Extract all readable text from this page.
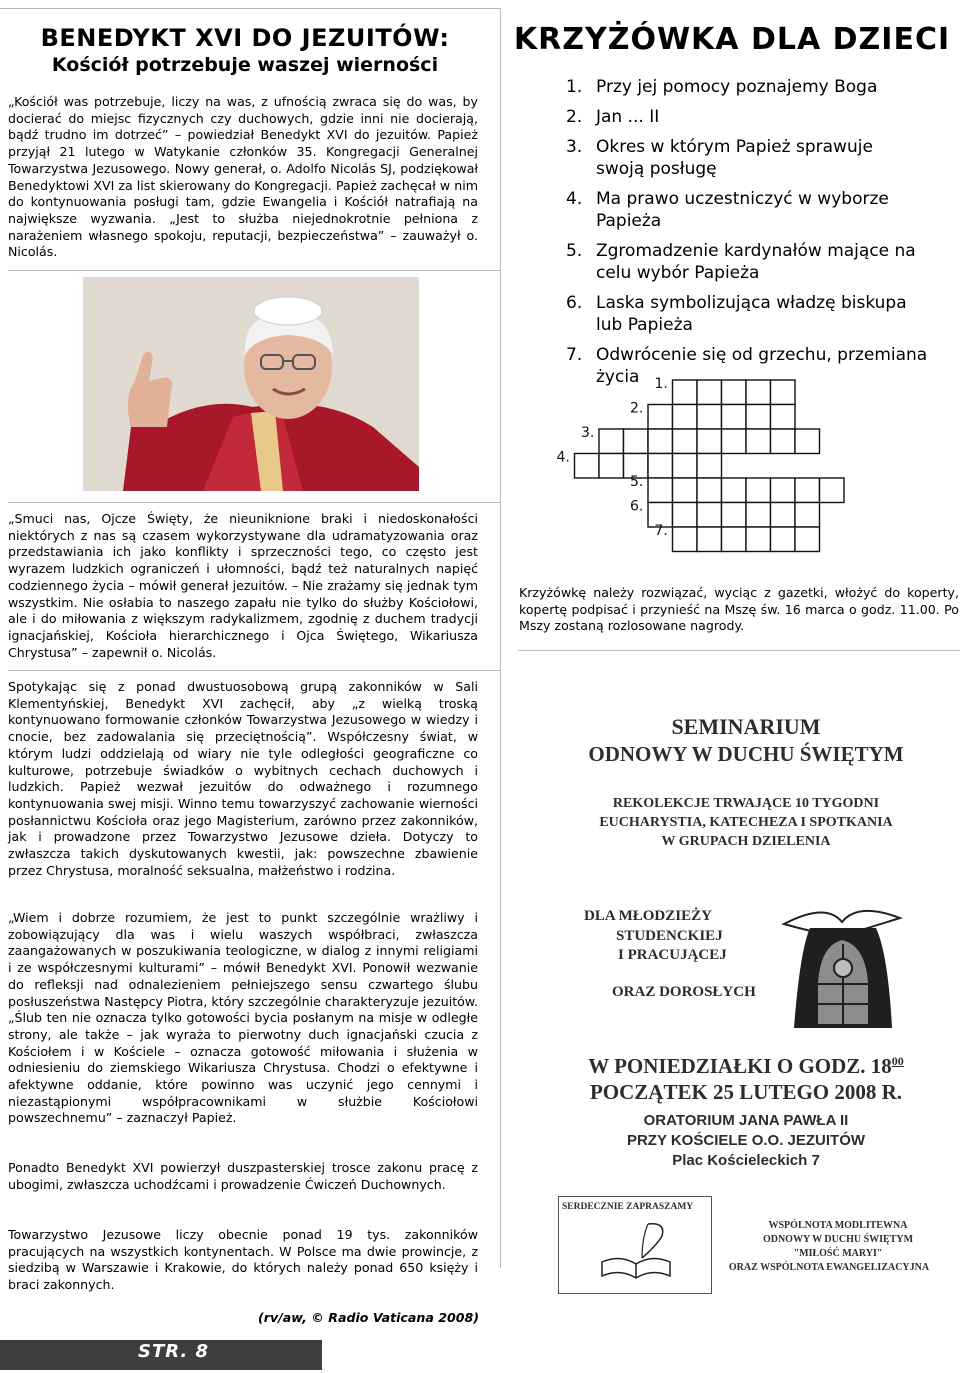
BENEDYKT XVI DO JEZUITÓW:
Kościół potrzebuje waszej wierności
„Kościół was potrzebuje, liczy na was, z ufnością zwraca się do was, by docierać do miejsc fizycznych czy duchowych, gdzie inni nie docierają, bądź trudno im dotrzeć” – powiedział Benedykt XVI do jezuitów. Papież przyjął 21 lutego w Watykanie członków 35. Kongregacji Generalnej Towarzystwa Jezusowego. Nowy generał, o. Adolfo Nicolás SJ, podziękował Benedyktowi XVI za list skierowany do Kongregacji. Papież zachęcał w nim do kontynuowania posługi tam, gdzie Ewangelia i Kościół natrafiają na największe wyzwania. „Jest to służba niejednokrotnie pełniona z narażeniem własnego spokoju, reputacji, bezpieczeństwa” – zauważył o. Nicolás.
„Smuci nas, Ojcze Święty, że nieuniknione braki i niedoskonałości niektórych z nas są czasem wykorzystywane dla udramatyzowania oraz przedstawiania ich jako konflikty i sprzeczności tego, co często jest wyrazem ludzkich ograniczeń i ułomności, bądź też naturalnych napięć codziennego życia – mówił generał jezuitów. – Nie zrażamy się jednak tym wszystkim. Nie osłabia to naszego zapału nie tylko do służby Kościołowi, ale i do miłowania z większym radykalizmem, zgodnię z duchem tradycji ignacjańskiej, Kościoła hierarchicznego i Ojca Świętego, Wikariusza Chrystusa” – zapewnił o. Nicolás.
Spotykając się z ponad dwustuosobową grupą zakonników w Sali Klementyńskiej, Benedykt XVI zachęcił, aby „z wielką troską kontynuowano formowanie członków Towarzystwa Jezusowego w wiedzy i cnocie, bez zadowalania się przeciętnością”. Współczesny świat, w którym ludzi oddzielają od wiary nie tyle odległości geograficzne co kulturowe, potrzebuje świadków o wybitnych cechach duchowych i ludzkich. Papież wezwał jezuitów do odważnego i rozumnego kontynuowania swej misji. Winno temu towarzyszyć zachowanie wierności posłannictwu Kościoła oraz jego Magisterium, zarówno przez zakonników, jak i prowadzone przez Towarzystwo Jezusowe dzieła. Dotyczy to zwłaszcza takich dyskutowanych kwestii, jak: powszechne zbawienie przez Chrystusa, moralność seksualna, małżeństwo i rodzina.
„Wiem i dobrze rozumiem, że jest to punkt szczególnie wrażliwy i zobowiązujący dla was i wielu waszych współbraci, zwłaszcza zaangażowanych w poszukiwania teologiczne, w dialog z innymi religiami i ze współczesnymi kulturami” – mówił Benedykt XVI. Ponowił wezwanie do refleksji nad odnalezieniem pełniejszego sensu czwartego ślubu posłuszeństwa Następcy Piotra, który szczególnie charakteryzuje jezuitów. „Ślub ten nie oznacza tylko gotowości bycia posłanym na misje w odległe strony, ale także – jak wyraża to pierwotny duch ignacjański czucia z Kościołem i w Kościele – oznacza gotowość miłowania i służenia w odniesieniu do ziemskiego Wikariusza Chrystusa. Chodzi o efektywne i afektywne oddanie, które powinno was uczynić jego cennymi i niezastąpionymi współpracownikami w służbie Kościołowi powszechnemu” – zaznaczył Papież.
Ponadto Benedykt XVI powierzył duszpasterskiej trosce zakonu pracę z ubogimi, zwłaszcza uchodźcami i prowadzenie Ćwiczeń Duchownych.
Towarzystwo Jezusowe liczy obecnie ponad 19 tys. zakonników pracujących na wszystkich kontynentach. W Polsce ma dwie prowincje, z siedzibą w Warszawie i Krakowie, do których należy ponad 650 księży i braci zakonnych.
(rv/aw, © Radio Vaticana 2008)
STR. 8
KRZYŻÓWKA DLA DZIECI
1. Przy jej pomocy poznajemy Boga
2. Jan ... II
3. Okres w którym Papież sprawuje swoją posługę
4. Ma prawo uczestniczyć w wyborze Papieża
5. Zgromadzenie kardynałów mające na celu wybór Papieża
6. Laska symbolizująca władzę biskupa lub Papieża
7. Odwrócenie się od grzechu, przemiana życia	1.
2.
3.
4.
5.
6.
7.
Krzyżówkę należy rozwiązać, wyciąc z gazetki, włożyć do koperty, kopertę podpisać i przynieść na Mszę św. 16 marca o godz. 11.00. Po Mszy zostaną rozlosowane nagrody.
SEMINARIUM
ODNOWY W DUCHU ŚWIĘTYM
REKOLEKCJE TRWAJĄCE 10 TYGODNI
EUCHARYSTIA, KATECHEZA I SPOTKANIA
W GRUPACH DZIELENIA
DLA MŁODZIEŻY
STUDENCKIEJ
I PRACUJĄCEJ
ORAZ DOROSŁYCH
W PONIEDZIAŁKI O GODZ. $18^{00}$
POCZĄTEK 25 LUTEGO 2008 R.
ORATORIUM JANA PAWŁA II
PRZY KOŚCIELE O.O. JEZUITÓW
Plac Kościeleckich 7
SERDECZNIE ZAPRASZAMY
WSPÓLNOTA MODLITEWNA
ODNOWY W DUCHU ŚWIĘTYM
"MIŁOŚĆ MARYI"
ORAZ WSPÓLNOTA EWANGELIZACYJNA
